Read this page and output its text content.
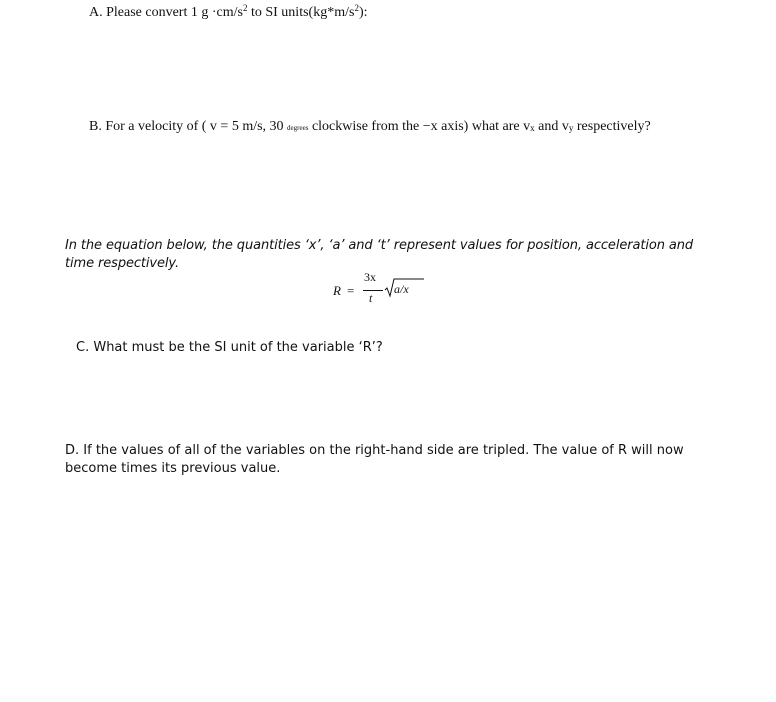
A. Please convert 1 $g \cdot cm/s^2$ to SI $units(kg*m/s^2)$:
B. For a velocity of ( v = 5 m/s, 30 degrees clockwise from the −x axis) what are vx and vy respectively?
In the equation below, the quantities ‘x’, ‘a’ and ‘t’ represent values for position, acceleration and time respectively.
R =
3x
t
a/x
C. What must be the SI unit of the variable ‘R’?
D. If the values of all of the variables on the right-hand side are tripled. The value of R will now become times its previous value.
